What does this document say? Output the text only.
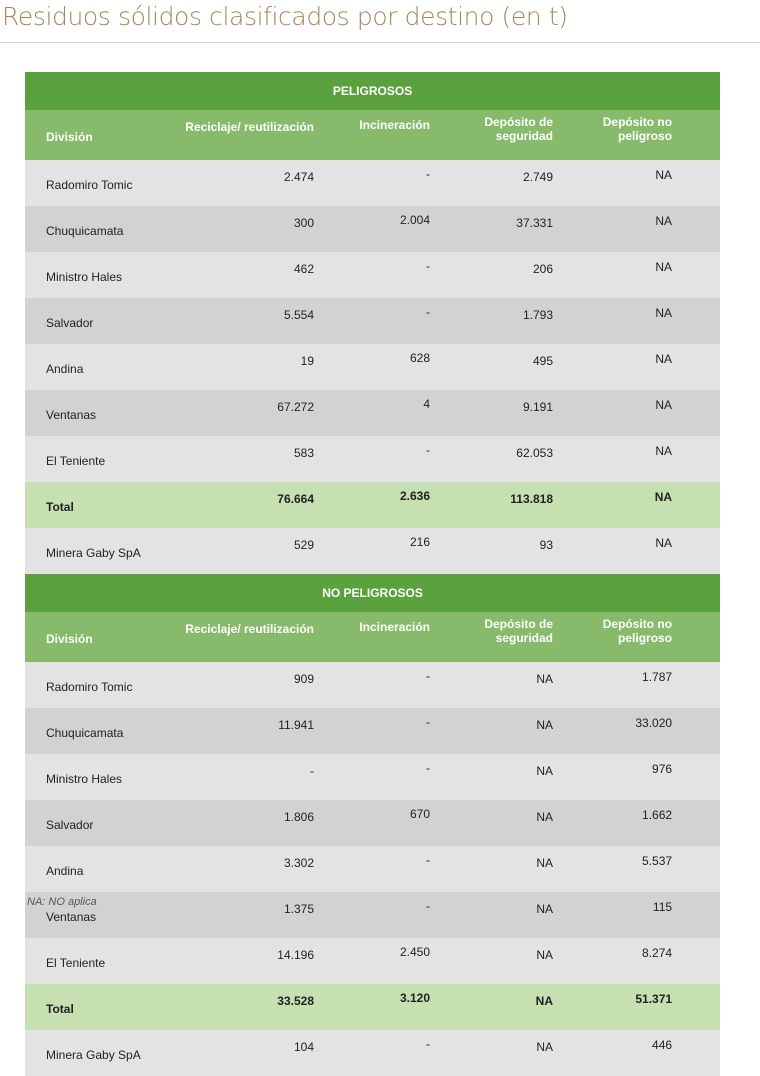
Residuos sólidos clasificados por destino (en t)
PELIGROSOS				
División	Reciclaje/ reutilización	Incineración	Depósito de seguridad	Depósito no peligroso
Radomiro Tomic	2.474	-	2.749	NA
Chuquicamata	300	2.004	37.331	NA
Ministro Hales	462	-	206	NA
Salvador	5.554	-	1.793	NA
Andina	19	628	495	NA
Ventanas	67.272	4	9.191	NA
El Teniente	583	-	62.053	NA
Total	76.664	2.636	113.818	NA
Minera Gaby SpA	529	216	93	NA
NO PELIGROSOS				
División	Reciclaje/ reutilización	Incineración	Depósito de seguridad	Depósito no peligroso
Radomiro Tomic	909	-	NA	1.787
Chuquicamata	11.941	-	NA	33.020
Ministro Hales	-	-	NA	976
Salvador	1.806	670	NA	1.662
Andina	3.302	-	NA	5.537
Ventanas	1.375	-	NA	115
El Teniente	14.196	2.450	NA	8.274
Total	33.528	3.120	NA	51.371
Minera Gaby SpA	104	-	NA	446
NA: NO aplica
